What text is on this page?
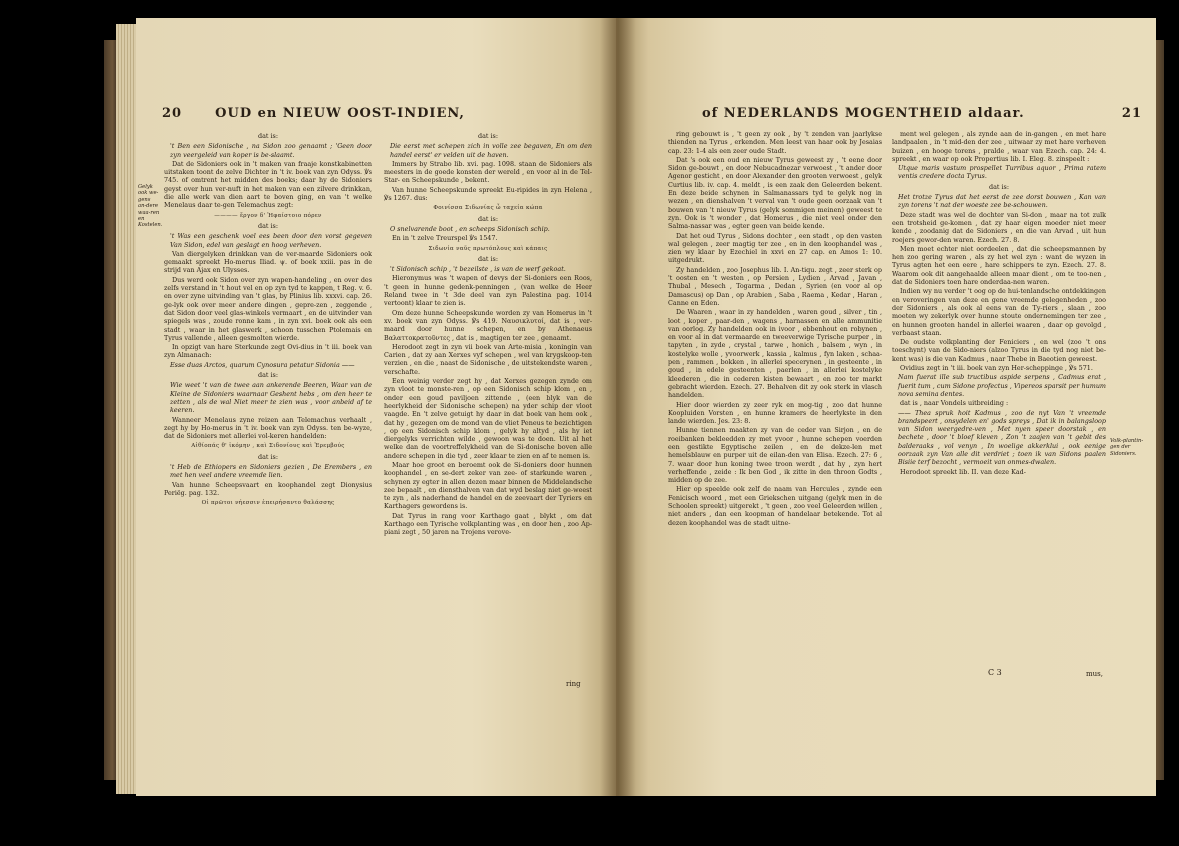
20	OUD en NIEUW OOST-INDIEN,
Gelyk ook we-gens an-dere waa-ren en Kostelen.

dat is:

't Ben een Sidonische , na Sidon zoo genaamt ; 'Geen door zyn veergeleid van koper is be-slaamt.

Dat de Sidoniers ook in 't maken van fraaje konstkabinetten uitstaken toont de zelve Dichter in 't iv. boek van zyn Odyss. ℣s 745. of omtrent het midden des boeks; daar hy de Sidoniers geyst over hun ver-nuft in het maken van een zilvere drinkkan, die alle werk van dien aart te boven ging, en van 't welke Menelaus daar te-gen Telemachus zegt:

———— ἔργον δ' Ἡφαίστοιο πόρεν

dat is:

't Was een geschenk voel ees been door den vorst gegeven Van Sidon, edel van geslagt en hoog verheven.

Van diergelyken drinkkan van de ver-maarde Sidoniers ook gemaakt spreekt Ho-merus Iliad. ψ. of boek xxiii. pas in de strijd van Ajax en Ulysses.

Dus werd ook Sidon over zyn wapen-handeling , en over des zelfs verstand in 't hout vel en op zyn tyd te kappen, t Reg. v. 6. en over zyne uitvinding van 't glas, by Plinius lib. xxxvi. cap. 26. ge-lyk ook over meer andere dingen , gepre-zen , zeggende , dat Sidon door veel glas-winkels vermaart , en de uitvinder van spiegels was , zoude ronne kam , in zyn xvi. boek ook als een stadt , waar in het glaswerk , schoon tusschen Ptolemais en Tyrus vallende , alleen gesmolten wierde.

In opzigt van hare Sterkunde zegt Ovi-dius in 't iii. boek van zyn Almanach:

Esse duas Arctos, quarum Cynosura petatur Sidonia ——

dat is:

Wie weet 't van de twee aan ankerende Beeren, Waar van de Kleine de Sidoniers waarnaar Geshent hebs , om den heer te zetten , als de wal Niet meer te zien was , voor anbeid af te keeren.

Wanneer Menelaus zyne reizen aan Telemachus verhaalt , zegt hy by Ho-merus in 't iv. boek van zyn Odyss. ten be-wyze, dat de Sidoniers met allerlei vol-keren handelden:

Αἰθίοπάς θ' ἱκόμην , καὶ Σιδονίους καὶ Ἐρεμβούς

dat is:

't Heb de Ethiopers en Sidoniers gezien , De Erembers , en met hen veel andere vreemde lien.

Van hunne Scheepsvaart en koophandel zegt Dionysius Periëg. pag. 132.

Οἱ πρῶτοι νήεσσιν ἐπειρήσαντο θαλάσσης

dat is:

Die eerst met schepen zich in volle zee begaven, En om den handel eerst' er velden uit de haven.

Immers by Strabo lib. xvi. pag. 1098. staan de Sidoniers als meesters in de goede konsten der wereld , en voor al in de Tel-Star- en Scheepskunde , bekent.

Van hunne Scheepskunde spreekt Eu-ripides in zyn Helena , ℣s 1267. dus:

Φοινίσσα Σιδωνίας ὦ ταχεία κώπα

dat is:

O snelvarende boot , en scheeps Sidonisch schip.

En in 't zelve Treurspel ℣s 1547.

Σιδωνία ναῦς πρωτόπλους καὶ κάπαις

dat is:

't Sidonisch schip , 't bezeilste , is van de werf gekoat.

Hieronymus was 't wapen of devys der Si-doniers een Roos, 't geen in hunne gedenk-penningen , (van welke de Heer Reland twee in 't 3de deel van zyn Palestina pag. 1014 vertoont) klaar te zien is.

Om deze hunne Scheepskunde worden zy van Homerus in 't xv. boek van zyn Odyss. ℣s 419. Ναυσικλυτοί, dat is , ver-maard door hunne schepen, en by Athenaeus Βαλαττοκρατοῦντες , dat is , magtigen ter zee , genaamt.

Herodoot zegt in zyn vii boek van Arte-misia , koningin van Carien , dat zy aan Xerxes vyf schepen , wel van krygskoop-ten verzien , en die , naast de Sidonische , de uitstekendste waren , verschafte.

Een weinig verder zegt hy , dat Xerxes gezegen zynde om zyn vloot te monste-ren , op een Sidonisch schip klom , en , onder een goud paviljoen zittende , (een blyk van de heerlykheid der Sidonische schepen) na yder schip der vloot vaagde. En 't zelve getuigt hy daar in dat boek van hem ook , dat hy , gezegen om de mond van de vliet Peneus te bezichtigen , op een Sidonisch schip klom , gelyk hy altyd , als hy iet diergelyks verrichten wilde , gewoon was te doen. Uit al het welke dan de voortreffelykheid van de Si-donische boven alle andere schepen in die tyd , zeer klaar te zien en af te nemen is.

Maar hoe groot en beroemt ook de Si-doniers door hunnen koophandel , en se-dert zeker van zee- of starkunde waren , schynen zy egter in allen dezen maar binnen de Middelandsche zee bepaalt , en diensthalven van dat wyd beslag niet ge-weest te zyn , als naderhand de handel en de zeevaart der Tyriers en Karthagers gewordens is.

Dat Tyrus in rang voor Karthago gaat , blykt , om dat Karthago een Tyrische volkplanting was , en door hen , zoo Ap-piani zegt , 50 jaren na Trojens verove-

ring
of NEDERLANDS MOGENTHEID aldaar.	21

ring gebouwt is , 't geen zy ook , by 't zenden van jaarlykse thienden na Tyrus , erkenden. Men leest van haar ook by Jesaias cap. 23: 1-4 als een zeer oude Stadt.

Dat 's ook een oud en nieuw Tyrus geweest zy , 't eene door Sidon ge-bouwt , en door Nebucadnezar verwoest , 't ander door Agenor gesticht , en door Alexander den grooten verwoest , gelyk Curtius lib. iv. cap. 4. meldt , is een zaak den Geleerden bekent. En deze beide schynen in Salmanassars tyd te gelyk nog in wezen , en dienshalven 't verval van 't oude geen oorzaak van 't bouwen van 't nieuw Tyrus (gelyk sommigen meinen) geweest te zyn. Ook is 't wonder , dat Homerus , die niet veel onder den Salma-nassar was , egter geen van beide kende.

Dat het oud Tyrus , Sidons dochter , een stadt , op den vasten wal gelegen , zeer magtig ter zee , en in den koophandel was , zien wy klaar by Ezechiel in xxvi en 27 cap. en Amos 1: 10. uitgedrukt.

Zy handelden , zoo Josephus lib. I. An-tiqu. zegt , zeer sterk op 't oosten en 't westen , op Persien , Lydien , Arvad , Javan , Thubal , Mesech , Togarma , Dedan , Syrien (en voor al op Damascus) op Dan , op Arabien , Saba , Raema , Kedar , Haran , Canne en Eden.

De Waaren , waar in zy handelden , waren goud , silver , tin , loot , koper , paar-den , wagens , harnassen en alle ammunitie van oorlog. Zy handelden ook in ivoor , ebbenhout en robynen , en voor al in dat vermaarde en tweeverwige Tyrische purper , in tapyten , in zyde , crystal , tarwe , honich , balsem , wyn , in kostelyke wolle , yvoorwerk , kassia , kalmus , fyn laken , schaa-pen , rammen , bokken , in allerlei specerynen , in gesteente , in goud , in edele gesteenten , paerlen , in allerlei kostelyke kleederen , die in cederen kisten bewaart , en zoo ter markt gebracht wierden. Ezech. 27. Behalven dit zy ook sterk in vlasch handelden.

Hier door wierden zy zeer ryk en mog-tig , zoo dat hunne Koopluiden Vorsten , en hunne kramers de heerlykste in den lande wierden. Jes. 23: 8.

Hunne tiennen maakten zy van de ceder van Sirjon , en de roeibanken bekleedden zy met yvoor , hunne schepen voerden een gestikte Egyptische zeilen , en de dekze-len met hemelsblauw en purper uit de eilan-den van Elisa. Ezech. 27: 6 , 7. waar door hun koning twee troon werdt , dat hy , zyn hert verheffende , zeide : Ik ben God , ik zitte in den throon Godts , midden op de zee.

Hier op speelde ook zelf de naam van Hercules , zynde een Fenicisch woord , met een Griekschen uitgang (gelyk men in de Schoolen spreekt) uitgerekt , 't geen , zoo veel Geleerden willen , niet anders , dan een koopman of handelaar betekende. Tot al dezen koophandel was de stadt uitne-

ment wel gelegen , als zynde aan de in-gangen , en met hare landpaalen , in 't mid-den der zee , uitwaar zy met hare verheven buizen , en hooge torens , pralde , waar van Ezech. cap. 24: 4. spreekt , en waar op ook Propertius lib. I. Eleg. 8. zinspeelt :

Utque maris vastum prospellet Turribus aquor , Prima ratem ventis credere docta Tyrus.

dat is:

Het trotze Tyrus dat het eerst de zee dorst bouwen , Kan van zyn torens 't nat der woeste zee be-schouwen.

Deze stadt was wel de dochter van Si-don , maar na tot zulk een trotsheid ge-komen , dat zy haar eigen moeder niet meer kende , zoodanig dat de Sidoniers , en die van Arvad , uit hun roejers gewor-den waren. Ezech. 27. 8.

Men moet echter niet oordeelen , dat die scheepsmannen by hen zoo gering waren , als zy het wel zyn : want de wyzen in Tyrus agten het een eere , hare schippers te zyn. Ezech. 27. 8. Waarom ook dit aangehaalde alleen maar dient , om te too-nen , dat de Sidoniers toen hare onderdaa-nen waren.

Indien wy nu verder 't oog op de hui-tenlandsche ontdekkingen en veroveringen van deze en gene vreemde gelegenheden , zoo der Sidoniers , als ook al eens van de Ty-riers , slaan , zoo moeten wy zekerlyk over hunne stoute ondernemingen ter zee , en hunnen grooten handel in allerlei waaren , daar op gevolgd , verbaast staan.

De oudste volkplanting der Feniciers , en wel (zoo 't ons toeschynt) van de Sido-niers (alzoo Tyrus in die tyd nog niet be-kent was) is die van Kadmus , naar Thebe in Baeotien geweest.

Ovidius zegt in 't iii. boek van zyn Her-scheppinge , ℣s 571.

Nam fuerat ille sub tructibus aspide serpens , Cadmus erat , fuerit tum , cum Sidone profectus , Vipereos sparsit per humum nova semina dentes.

dat is , naar Vondels uitbreiding :

—— Thea spruk hoit Kadmus , zoo de nyt Van 't vreemde brandspeert , onsydelen en' gods spreys , Dat ik in balangsloop van Sidon weergedre-ven , Met nyen speer doorstak , en bechete , door 't bloef kleven , Zon 't zaajen van 't gebit des balderaaks , vol venyn , In woelige akkerklui , ook eenige oorzaak zyn Van alle dit verdriet ; toen ik van Sidons paalen Bisiie terf bezocht , vermoeit van onmes-dwalen.

Herodoot spreekt lib. II. van deze Kad-

Volk-plantin-gen der Sidoniers.
C 3	mus,
